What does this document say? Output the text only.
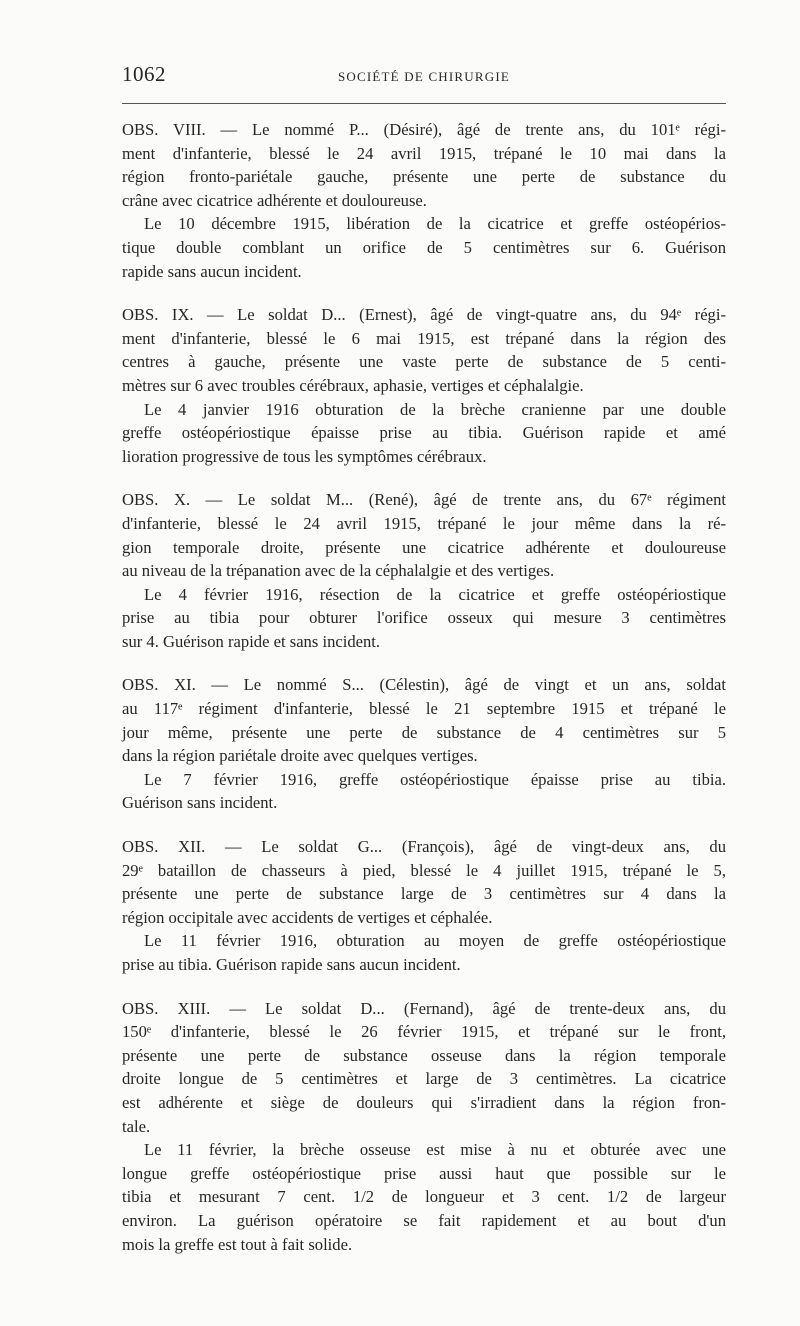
1062	SOCIÉTÉ DE CHIRURGIE

OBS. VIII. — Le nommé P... (Désiré), âgé de trente ans, du 101ᵉ régi-

ment d'infanterie, blessé le 24 avril 1915, trépané le 10 mai dans la

région fronto-pariétale gauche, présente une perte de substance du

crâne avec cicatrice adhérente et douloureuse.

Le 10 décembre 1915, libération de la cicatrice et greffe ostéopérios-

tique double comblant un orifice de 5 centimètres sur 6. Guérison

rapide sans aucun incident.

OBS. IX. — Le soldat D... (Ernest), âgé de vingt-quatre ans, du 94ᵉ régi-

ment d'infanterie, blessé le 6 mai 1915, est trépané dans la région des

centres à gauche, présente une vaste perte de substance de 5 centi-

mètres sur 6 avec troubles cérébraux, aphasie, vertiges et céphalalgie.

Le 4 janvier 1916 obturation de la brèche cranienne par une double

greffe ostéopériostique épaisse prise au tibia. Guérison rapide et amé

lioration progressive de tous les symptômes cérébraux.

OBS. X. — Le soldat M... (René), âgé de trente ans, du 67ᵉ régiment

d'infanterie, blessé le 24 avril 1915, trépané le jour même dans la ré-

gion temporale droite, présente une cicatrice adhérente et douloureuse

au niveau de la trépanation avec de la céphalalgie et des vertiges.

Le 4 février 1916, résection de la cicatrice et greffe ostéopériostique

prise au tibia pour obturer l'orifice osseux qui mesure 3 centimètres

sur 4. Guérison rapide et sans incident.

OBS. XI. — Le nommé S... (Célestin), âgé de vingt et un ans, soldat

au 117ᵉ régiment d'infanterie, blessé le 21 septembre 1915 et trépané le

jour même, présente une perte de substance de 4 centimètres sur 5

dans la région pariétale droite avec quelques vertiges.

Le 7 février 1916, greffe ostéopériostique épaisse prise au tibia.

Guérison sans incident.

OBS. XII. — Le soldat G... (François), âgé de vingt-deux ans, du

29ᵉ bataillon de chasseurs à pied, blessé le 4 juillet 1915, trépané le 5,

présente une perte de substance large de 3 centimètres sur 4 dans la

région occipitale avec accidents de vertiges et céphalée.

Le 11 février 1916, obturation au moyen de greffe ostéopériostique

prise au tibia. Guérison rapide sans aucun incident.

OBS. XIII. — Le soldat D... (Fernand), âgé de trente-deux ans, du

150ᵉ d'infanterie, blessé le 26 février 1915, et trépané sur le front,

présente une perte de substance osseuse dans la région temporale

droite longue de 5 centimètres et large de 3 centimètres. La cicatrice

est adhérente et siège de douleurs qui s'irradient dans la région fron-

tale.

Le 11 février, la brèche osseuse est mise à nu et obturée avec une

longue greffe ostéopériostique prise aussi haut que possible sur le

tibia et mesurant 7 cent. 1/2 de longueur et 3 cent. 1/2 de largeur

environ. La guérison opératoire se fait rapidement et au bout d'un

mois la greffe est tout à fait solide.
